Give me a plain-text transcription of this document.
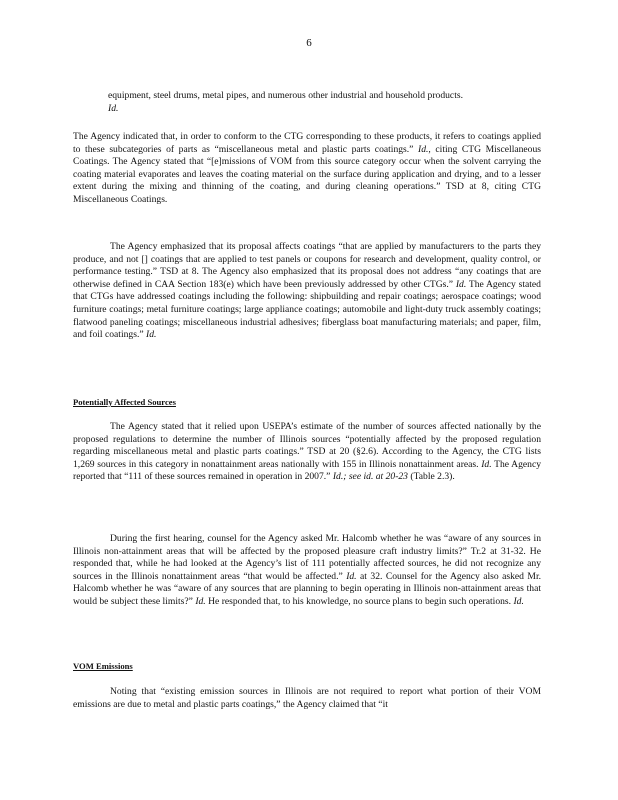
6

equipment, steel drums, metal pipes, and numerous other industrial and household products. Id.

The Agency indicated that, in order to conform to the CTG corresponding to these products, it refers to coatings applied to these subcategories of parts as “miscellaneous metal and plastic parts coatings.” Id., citing CTG Miscellaneous Coatings. The Agency stated that “[e]missions of VOM from this source category occur when the solvent carrying the coating material evaporates and leaves the coating material on the surface during application and drying, and to a lesser extent during the mixing and thinning of the coating, and during cleaning operations.” TSD at 8, citing CTG Miscellaneous Coatings.

The Agency emphasized that its proposal affects coatings “that are applied by manufacturers to the parts they produce, and not [] coatings that are applied to test panels or coupons for research and development, quality control, or performance testing.” TSD at 8. The Agency also emphasized that its proposal does not address “any coatings that are otherwise defined in CAA Section 183(e) which have been previously addressed by other CTGs.” Id. The Agency stated that CTGs have addressed coatings including the following: shipbuilding and repair coatings; aerospace coatings; wood furniture coatings; metal furniture coatings; large appliance coatings; automobile and light-duty truck assembly coatings; flatwood paneling coatings; miscellaneous industrial adhesives; fiberglass boat manufacturing materials; and paper, film, and foil coatings.” Id.

Potentially Affected Sources

The Agency stated that it relied upon USEPA’s estimate of the number of sources affected nationally by the proposed regulations to determine the number of Illinois sources “potentially affected by the proposed regulation regarding miscellaneous metal and plastic parts coatings.” TSD at 20 (§2.6). According to the Agency, the CTG lists 1,269 sources in this category in nonattainment areas nationally with 155 in Illinois nonattainment areas. Id. The Agency reported that “111 of these sources remained in operation in 2007.” Id.; see id. at 20-23 (Table 2.3).

During the first hearing, counsel for the Agency asked Mr. Halcomb whether he was “aware of any sources in Illinois non-attainment areas that will be affected by the proposed pleasure craft industry limits?” Tr.2 at 31-32. He responded that, while he had looked at the Agency’s list of 111 potentially affected sources, he did not recognize any sources in the Illinois nonattainment areas “that would be affected.” Id. at 32. Counsel for the Agency also asked Mr. Halcomb whether he was “aware of any sources that are planning to begin operating in Illinois non-attainment areas that would be subject these limits?” Id. He responded that, to his knowledge, no source plans to begin such operations. Id.

VOM Emissions

Noting that “existing emission sources in Illinois are not required to report what portion of their VOM emissions are due to metal and plastic parts coatings,” the Agency claimed that “it
